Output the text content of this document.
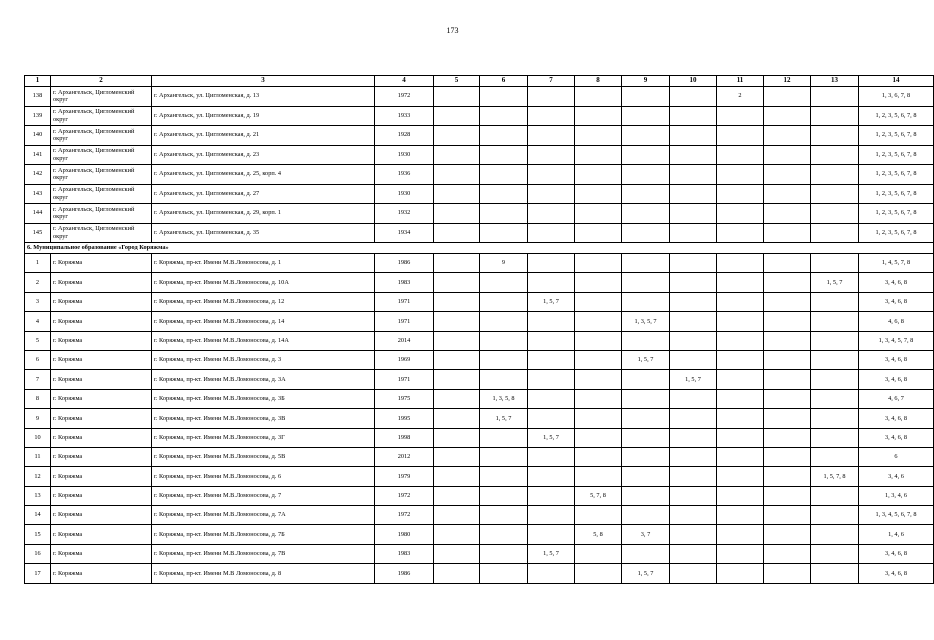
173
1	2	3	4	5	6	7	8	9	10	11	12	13	14
138	г. Архангельск, Цигломенский округ	г. Архангельск, ул. Цигломенская, д. 13	1972							2			1, 3, 6, 7, 8
139	г. Архангельск, Цигломенский округ	г. Архангельск, ул. Цигломенская, д. 19	1933										1, 2, 3, 5, 6, 7, 8
140	г. Архангельск, Цигломенский округ	г. Архангельск, ул. Цигломенская, д. 21	1928										1, 2, 3, 5, 6, 7, 8
141	г. Архангельск, Цигломенский округ	г. Архангельск, ул. Цигломенская, д. 23	1930										1, 2, 3, 5, 6, 7, 8
142	г. Архангельск, Цигломенский округ	г. Архангельск, ул. Цигломенская, д. 25, корп. 4	1936										1, 2, 3, 5, 6, 7, 8
143	г. Архангельск, Цигломенский округ	г. Архангельск, ул. Цигломенская, д. 27	1930										1, 2, 3, 5, 6, 7, 8
144	г. Архангельск, Цигломенский округ	г. Архангельск, ул. Цигломенская, д. 29, корп. 1	1932										1, 2, 3, 5, 6, 7, 8
145	г. Архангельск, Цигломенский округ	г. Архангельск, ул. Цигломенская, д. 35	1934										1, 2, 3, 5, 6, 7, 8
6. Муниципальное образование «Город Коряжма»													
1	г. Коряжма	г. Коряжма, пр-кт. Имени М.В.Ломоносова, д. 1	1986		9								1, 4, 5, 7, 8
2	г. Коряжма	г. Коряжма, пр-кт. Имени М.В.Ломоносова, д. 10А	1983									1, 5, 7	3, 4, 6, 8
3	г. Коряжма	г. Коряжма, пр-кт. Имени М.В.Ломоносова, д. 12	1971			1, 5, 7							3, 4, 6, 8
4	г. Коряжма	г. Коряжма, пр-кт. Имени М.В.Ломоносова, д. 14	1971					1, 3, 5, 7					4, 6, 8
5	г. Коряжма	г. Коряжма, пр-кт. Имени М.В.Ломоносова, д. 14А	2014										1, 3, 4, 5, 7, 8
6	г. Коряжма	г. Коряжма, пр-кт. Имени М.В.Ломоносова, д. 3	1969					1, 5, 7					3, 4, 6, 8
7	г. Коряжма	г. Коряжма, пр-кт. Имени М.В.Ломоносова, д. 3А	1971						1, 5, 7				3, 4, 6, 8
8	г. Коряжма	г. Коряжма, пр-кт. Имени М.В.Ломоносова, д. 3Б	1975		1, 3, 5, 8								4, 6, 7
9	г. Коряжма	г. Коряжма, пр-кт. Имени М.В.Ломоносова, д. 3В	1995		1, 5, 7								3, 4, 6, 8
10	г. Коряжма	г. Коряжма, пр-кт. Имени М.В.Ломоносова, д. 3Г	1998			1, 5, 7							3, 4, 6, 8
11	г. Коряжма	г. Коряжма, пр-кт. Имени М.В.Ломоносова, д. 5В	2012										6
12	г. Коряжма	г. Коряжма, пр-кт. Имени М.В.Ломоносова, д. 6	1979									1, 5, 7, 8	3, 4, 6
13	г. Коряжма	г. Коряжма, пр-кт. Имени М.В.Ломоносова, д. 7	1972				5, 7, 8						1, 3, 4, 6
14	г. Коряжма	г. Коряжма, пр-кт. Имени М.В.Ломоносова, д. 7А	1972										1, 3, 4, 5, 6, 7, 8
15	г. Коряжма	г. Коряжма, пр-кт. Имени М.В.Ломоносова, д. 7Б	1980				5, 8	3, 7					1, 4, 6
16	г. Коряжма	г. Коряжма, пр-кт. Имени М.В.Ломоносова, д. 7В	1983			1, 5, 7							3, 4, 6, 8
17	г. Коряжма	г. Коряжма, пр-кт. Имени М.В Ломоносова, д. 8	1986					1, 5, 7					3, 4, 6, 8
